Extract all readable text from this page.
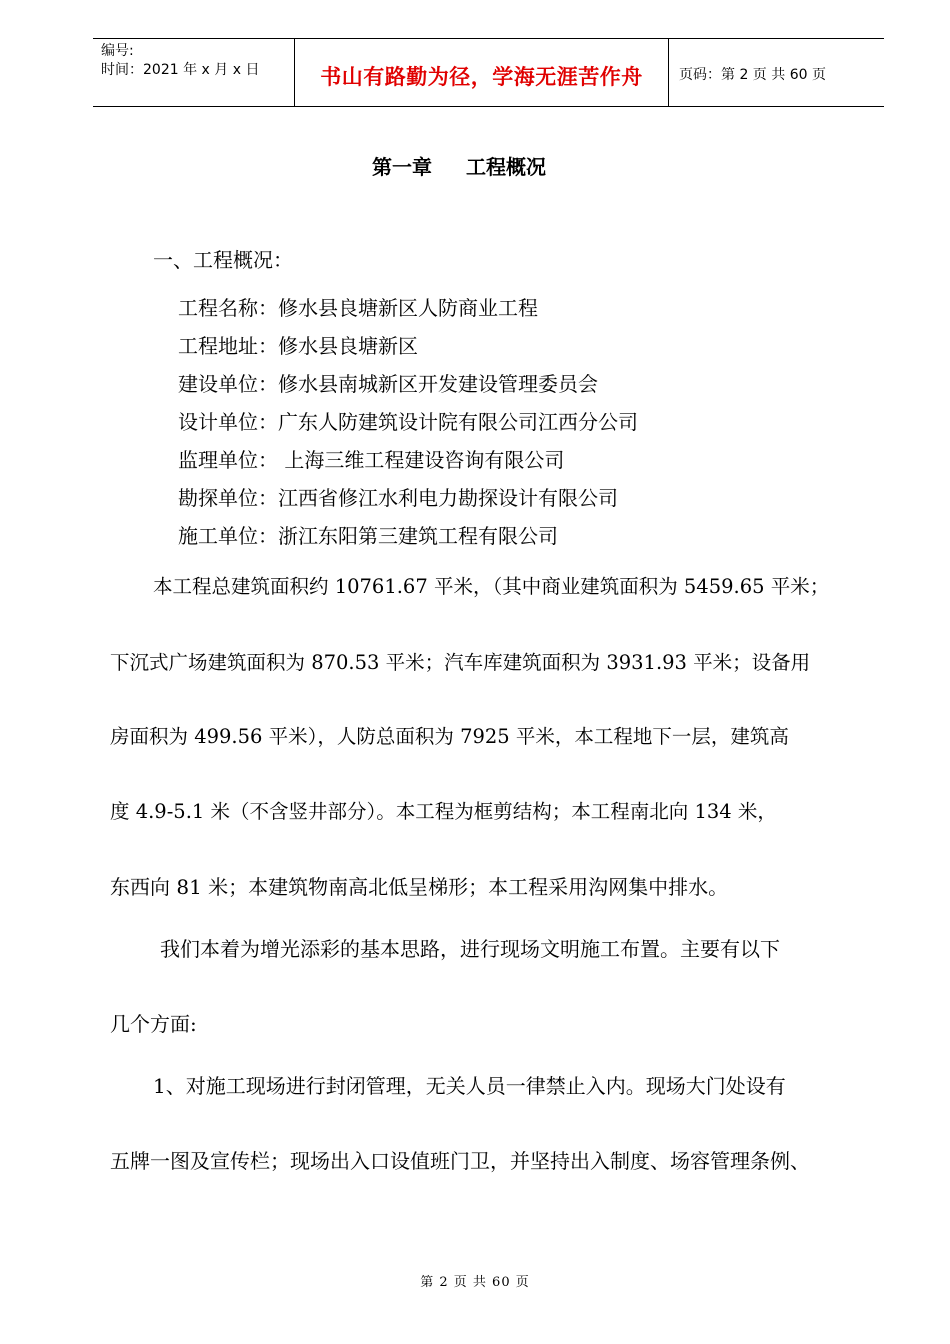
编号:
时间：2021 年 x 月 x 日	书山有路勤为径，学海无涯苦作舟	页码：第 2 页 共 60 页
第一章 工程概况
一、工程概况：
工程名称：修水县良塘新区人防商业工程
工程地址：修水县良塘新区
建设单位：修水县南城新区开发建设管理委员会
设计单位：广东人防建筑设计院有限公司江西分公司
监理单位： 上海三维工程建设咨询有限公司
勘探单位：江西省修江水利电力勘探设计有限公司
施工单位：浙江东阳第三建筑工程有限公司
本工程总建筑面积约 10761.67 平米，（其中商业建筑面积为 5459.65 平米；
下沉式广场建筑面积为 870.53 平米；汽车库建筑面积为 3931.93 平米；设备用
房面积为 499.56 平米），人防总面积为 7925 平米，本工程地下一层，建筑高
度 4.9-5.1 米（不含竖井部分）。本工程为框剪结构；本工程南北向 134 米，
东西向 81 米；本建筑物南高北低呈梯形；本工程采用沟网集中排水。
我们本着为增光添彩的基本思路，进行现场文明施工布置。主要有以下
几个方面:
1、对施工现场进行封闭管理，无关人员一律禁止入内。现场大门处设有
五牌一图及宣传栏；现场出入口设值班门卫，并坚持出入制度、场容管理条例、
第 2 页 共 60 页
